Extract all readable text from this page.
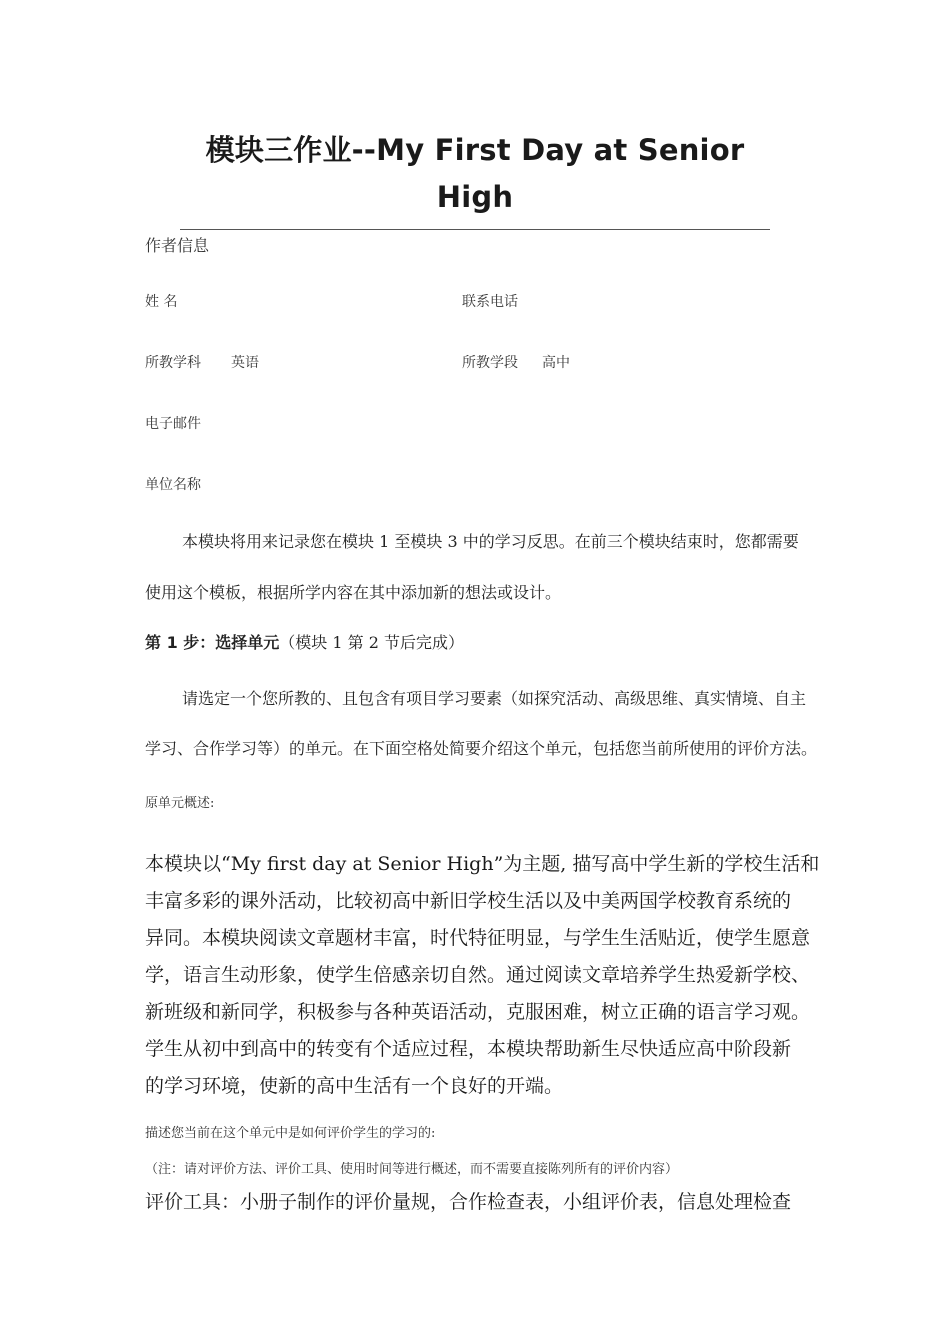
模块三作业--My First Day at Senior
High
作者信息
姓 名	联系电话
所教学科 英语	所教学段 高中
电子邮件
单位名称
本模块将用来记录您在模块 1 至模块 3 中的学习反思。在前三个模块结束时，您都需要
使用这个模板，根据所学内容在其中添加新的想法或设计。
第 1 步：选择单元（模块 1 第 2 节后完成）
请选定一个您所教的、且包含有项目学习要素（如探究活动、高级思维、真实情境、自主
学习、合作学习等）的单元。在下面空格处简要介绍这个单元，包括您当前所使用的评价方法。
原单元概述:
本模块以“My first day at Senior High”为主题, 描写高中学生新的学校生活和
丰富多彩的课外活动，比较初高中新旧学校生活以及中美两国学校教育系统的
异同。本模块阅读文章题材丰富，时代特征明显，与学生生活贴近，使学生愿意
学，语言生动形象，使学生倍感亲切自然。通过阅读文章培养学生热爱新学校、
新班级和新同学，积极参与各种英语活动，克服困难，树立正确的语言学习观。
学生从初中到高中的转变有个适应过程，本模块帮助新生尽快适应高中阶段新
的学习环境，使新的高中生活有一个良好的开端。
描述您当前在这个单元中是如何评价学生的学习的:
（注：请对评价方法、评价工具、使用时间等进行概述，而不需要直接陈列所有的评价内容）
评价工具：小册子制作的评价量规，合作检查表，小组评价表，信息处理检查
